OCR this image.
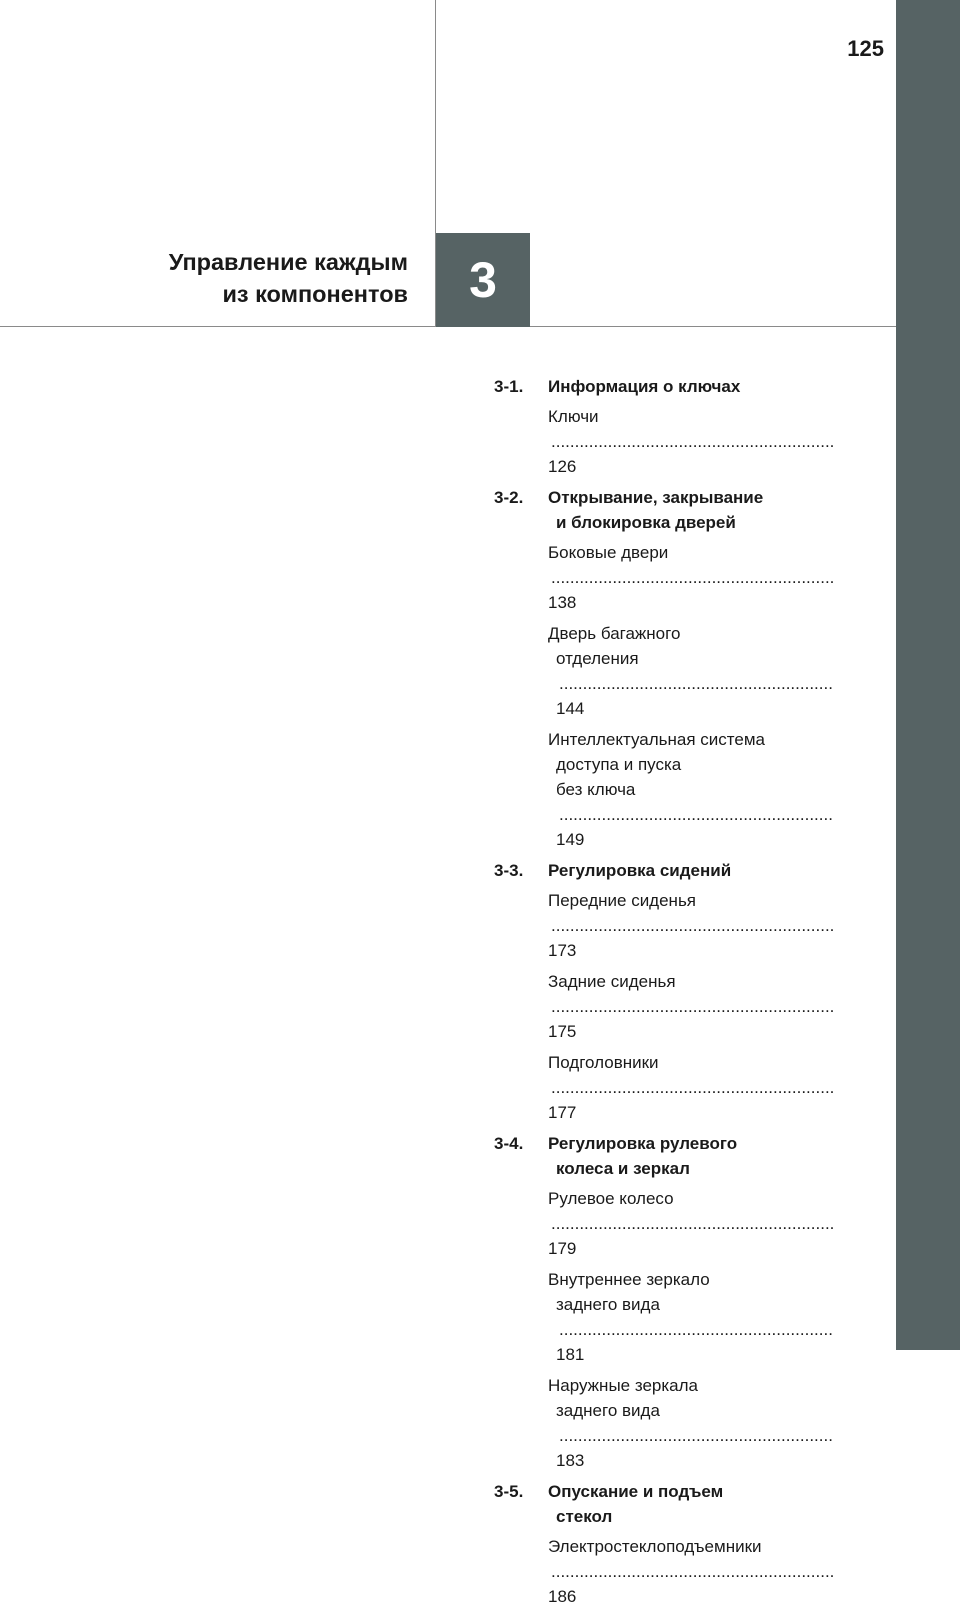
125
Управление каждым
из компонентов	3
3-1.	Информация о ключах
Ключи
.....
126
3-2.	Открывание, закрывание
и блокировка дверей
Боковые двери
.....
138
Дверь багажного
отделения
.....
144
Интеллектуальная система
доступа и пуска
без ключа
.....
149
3-3.	Регулировка сидений
Передние сиденья
.....
173
Задние сиденья
.....
175
Подголовники
.....
177
3-4.	Регулировка рулевого
колеса и зеркал
Рулевое колесо
.....
179
Внутреннее зеркало
заднего вида
.....
181
Наружные зеркала
заднего вида
.....
183
3-5.	Опускание и подъем
стекол
Электростеклоподъемники
.....
186
